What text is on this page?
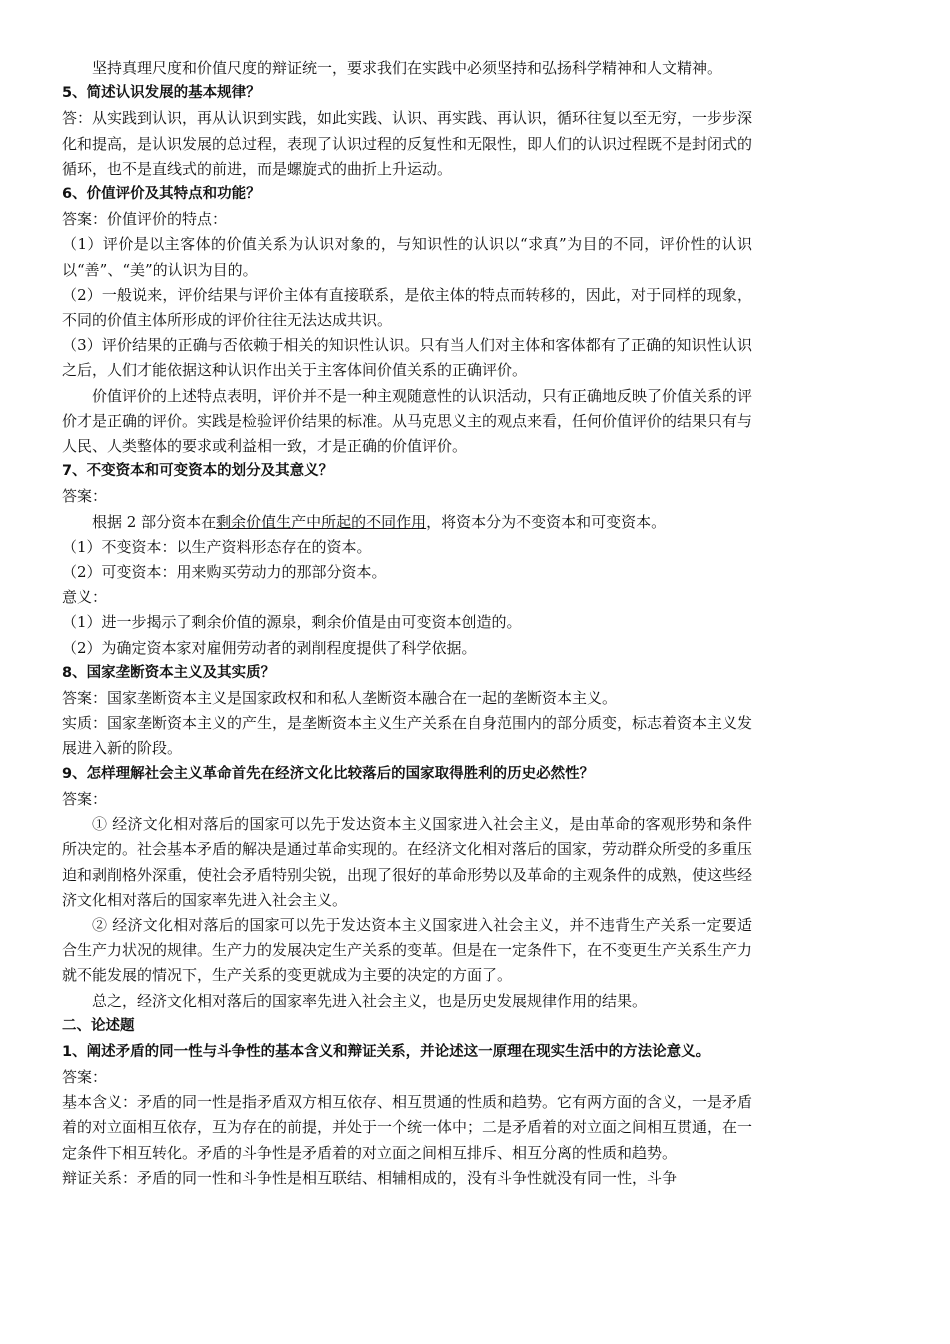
坚持真理尺度和价值尺度的辩证统一，要求我们在实践中必须坚持和弘扬科学精神和人文精神。

5、简述认识发展的基本规律？

答：从实践到认识，再从认识到实践，如此实践、认识、再实践、再认识，循环往复以至无穷，一步步深化和提高，是认识发展的总过程，表现了认识过程的反复性和无限性，即人们的认识过程既不是封闭式的循环，也不是直线式的前进，而是螺旋式的曲折上升运动。

6、价值评价及其特点和功能？

答案：价值评价的特点：

（1）评价是以主客体的价值关系为认识对象的，与知识性的认识以“求真”为目的不同，评价性的认识以“善”、“美”的认识为目的。

（2）一般说来，评价结果与评价主体有直接联系，是依主体的特点而转移的，因此，对于同样的现象，不同的价值主体所形成的评价往往无法达成共识。

（3）评价结果的正确与否依赖于相关的知识性认识。只有当人们对主体和客体都有了正确的知识性认识之后，人们才能依据这种认识作出关于主客体间价值关系的正确评价。

价值评价的上述特点表明，评价并不是一种主观随意性的认识活动，只有正确地反映了价值关系的评价才是正确的评价。实践是检验评价结果的标准。从马克思义主的观点来看，任何价值评价的结果只有与人民、人类整体的要求或利益相一致，才是正确的价值评价。

7、不变资本和可变资本的划分及其意义？

答案：

根据 2 部分资本在剩余价值生产中所起的不同作用，将资本分为不变资本和可变资本。

（1）不变资本：以生产资料形态存在的资本。

（2）可变资本：用来购买劳动力的那部分资本。

意义：

（1）进一步揭示了剩余价值的源泉，剩余价值是由可变资本创造的。

（2）为确定资本家对雇佣劳动者的剥削程度提供了科学依据。

8、国家垄断资本主义及其实质？

答案：国家垄断资本主义是国家政权和和私人垄断资本融合在一起的垄断资本主义。

实质：国家垄断资本主义的产生，是垄断资本主义生产关系在自身范围内的部分质变，标志着资本主义发展进入新的阶段。

9、怎样理解社会主义革命首先在经济文化比较落后的国家取得胜利的历史必然性？

答案：

① 经济文化相对落后的国家可以先于发达资本主义国家进入社会主义，是由革命的客观形势和条件所决定的。社会基本矛盾的解决是通过革命实现的。在经济文化相对落后的国家，劳动群众所受的多重压迫和剥削格外深重，使社会矛盾特别尖锐，出现了很好的革命形势以及革命的主观条件的成熟，使这些经济文化相对落后的国家率先进入社会主义。

② 经济文化相对落后的国家可以先于发达资本主义国家进入社会主义，并不违背生产关系一定要适合生产力状况的规律。生产力的发展决定生产关系的变革。但是在一定条件下，在不变更生产关系生产力就不能发展的情况下，生产关系的变更就成为主要的决定的方面了。

总之，经济文化相对落后的国家率先进入社会主义，也是历史发展规律作用的结果。

二、论述题

1、阐述矛盾的同一性与斗争性的基本含义和辩证关系，并论述这一原理在现实生活中的方法论意义。

答案：

基本含义：矛盾的同一性是指矛盾双方相互依存、相互贯通的性质和趋势。它有两方面的含义，一是矛盾着的对立面相互依存，互为存在的前提，并处于一个统一体中；二是矛盾着的对立面之间相互贯通，在一定条件下相互转化。矛盾的斗争性是矛盾着的对立面之间相互排斥、相互分离的性质和趋势。

辩证关系：矛盾的同一性和斗争性是相互联结、相辅相成的，没有斗争性就没有同一性，斗争
